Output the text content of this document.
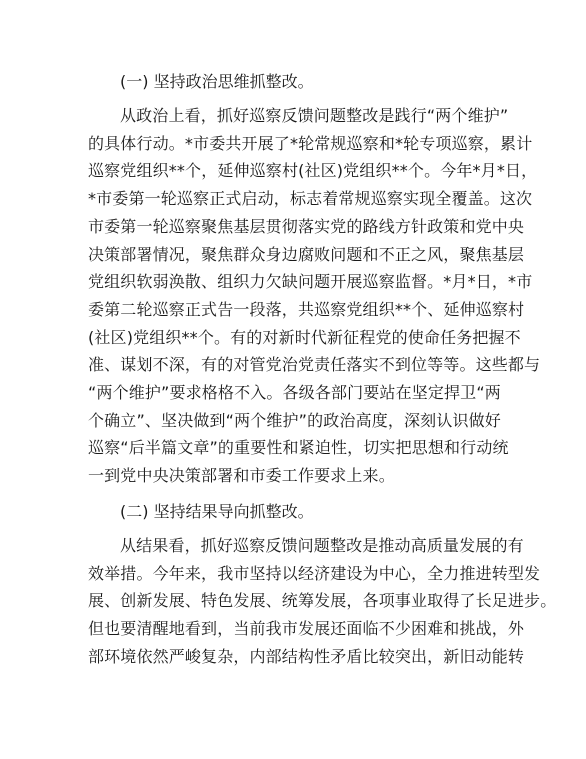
(一) 坚持政治思维抓整改。
从政治上看，抓好巡察反馈问题整改是践行“两个维护”
的具体行动。*市委共开展了*轮常规巡察和*轮专项巡察，累计
巡察党组织**个，延伸巡察村(社区)党组织**个。今年*月*日，
*市委第一轮巡察正式启动，标志着常规巡察实现全覆盖。这次
市委第一轮巡察聚焦基层贯彻落实党的路线方针政策和党中央
决策部署情况，聚焦群众身边腐败问题和不正之风，聚焦基层
党组织软弱涣散、组织力欠缺问题开展巡察监督。*月*日，*市
委第二轮巡察正式告一段落，共巡察党组织**个、延伸巡察村
(社区)党组织**个。有的对新时代新征程党的使命任务把握不
准、谋划不深，有的对管党治党责任落实不到位等等。这些都与
“两个维护”要求格格不入。各级各部门要站在坚定捍卫“两
个确立”、坚决做到“两个维护”的政治高度，深刻认识做好
巡察“后半篇文章”的重要性和紧迫性，切实把思想和行动统
一到党中央决策部署和市委工作要求上来。
(二) 坚持结果导向抓整改。
从结果看，抓好巡察反馈问题整改是推动高质量发展的有
效举措。今年来，我市坚持以经济建设为中心，全力推进转型发
展、创新发展、特色发展、统筹发展，各项事业取得了长足进步。
但也要清醒地看到，当前我市发展还面临不少困难和挑战，外
部环境依然严峻复杂，内部结构性矛盾比较突出，新旧动能转
